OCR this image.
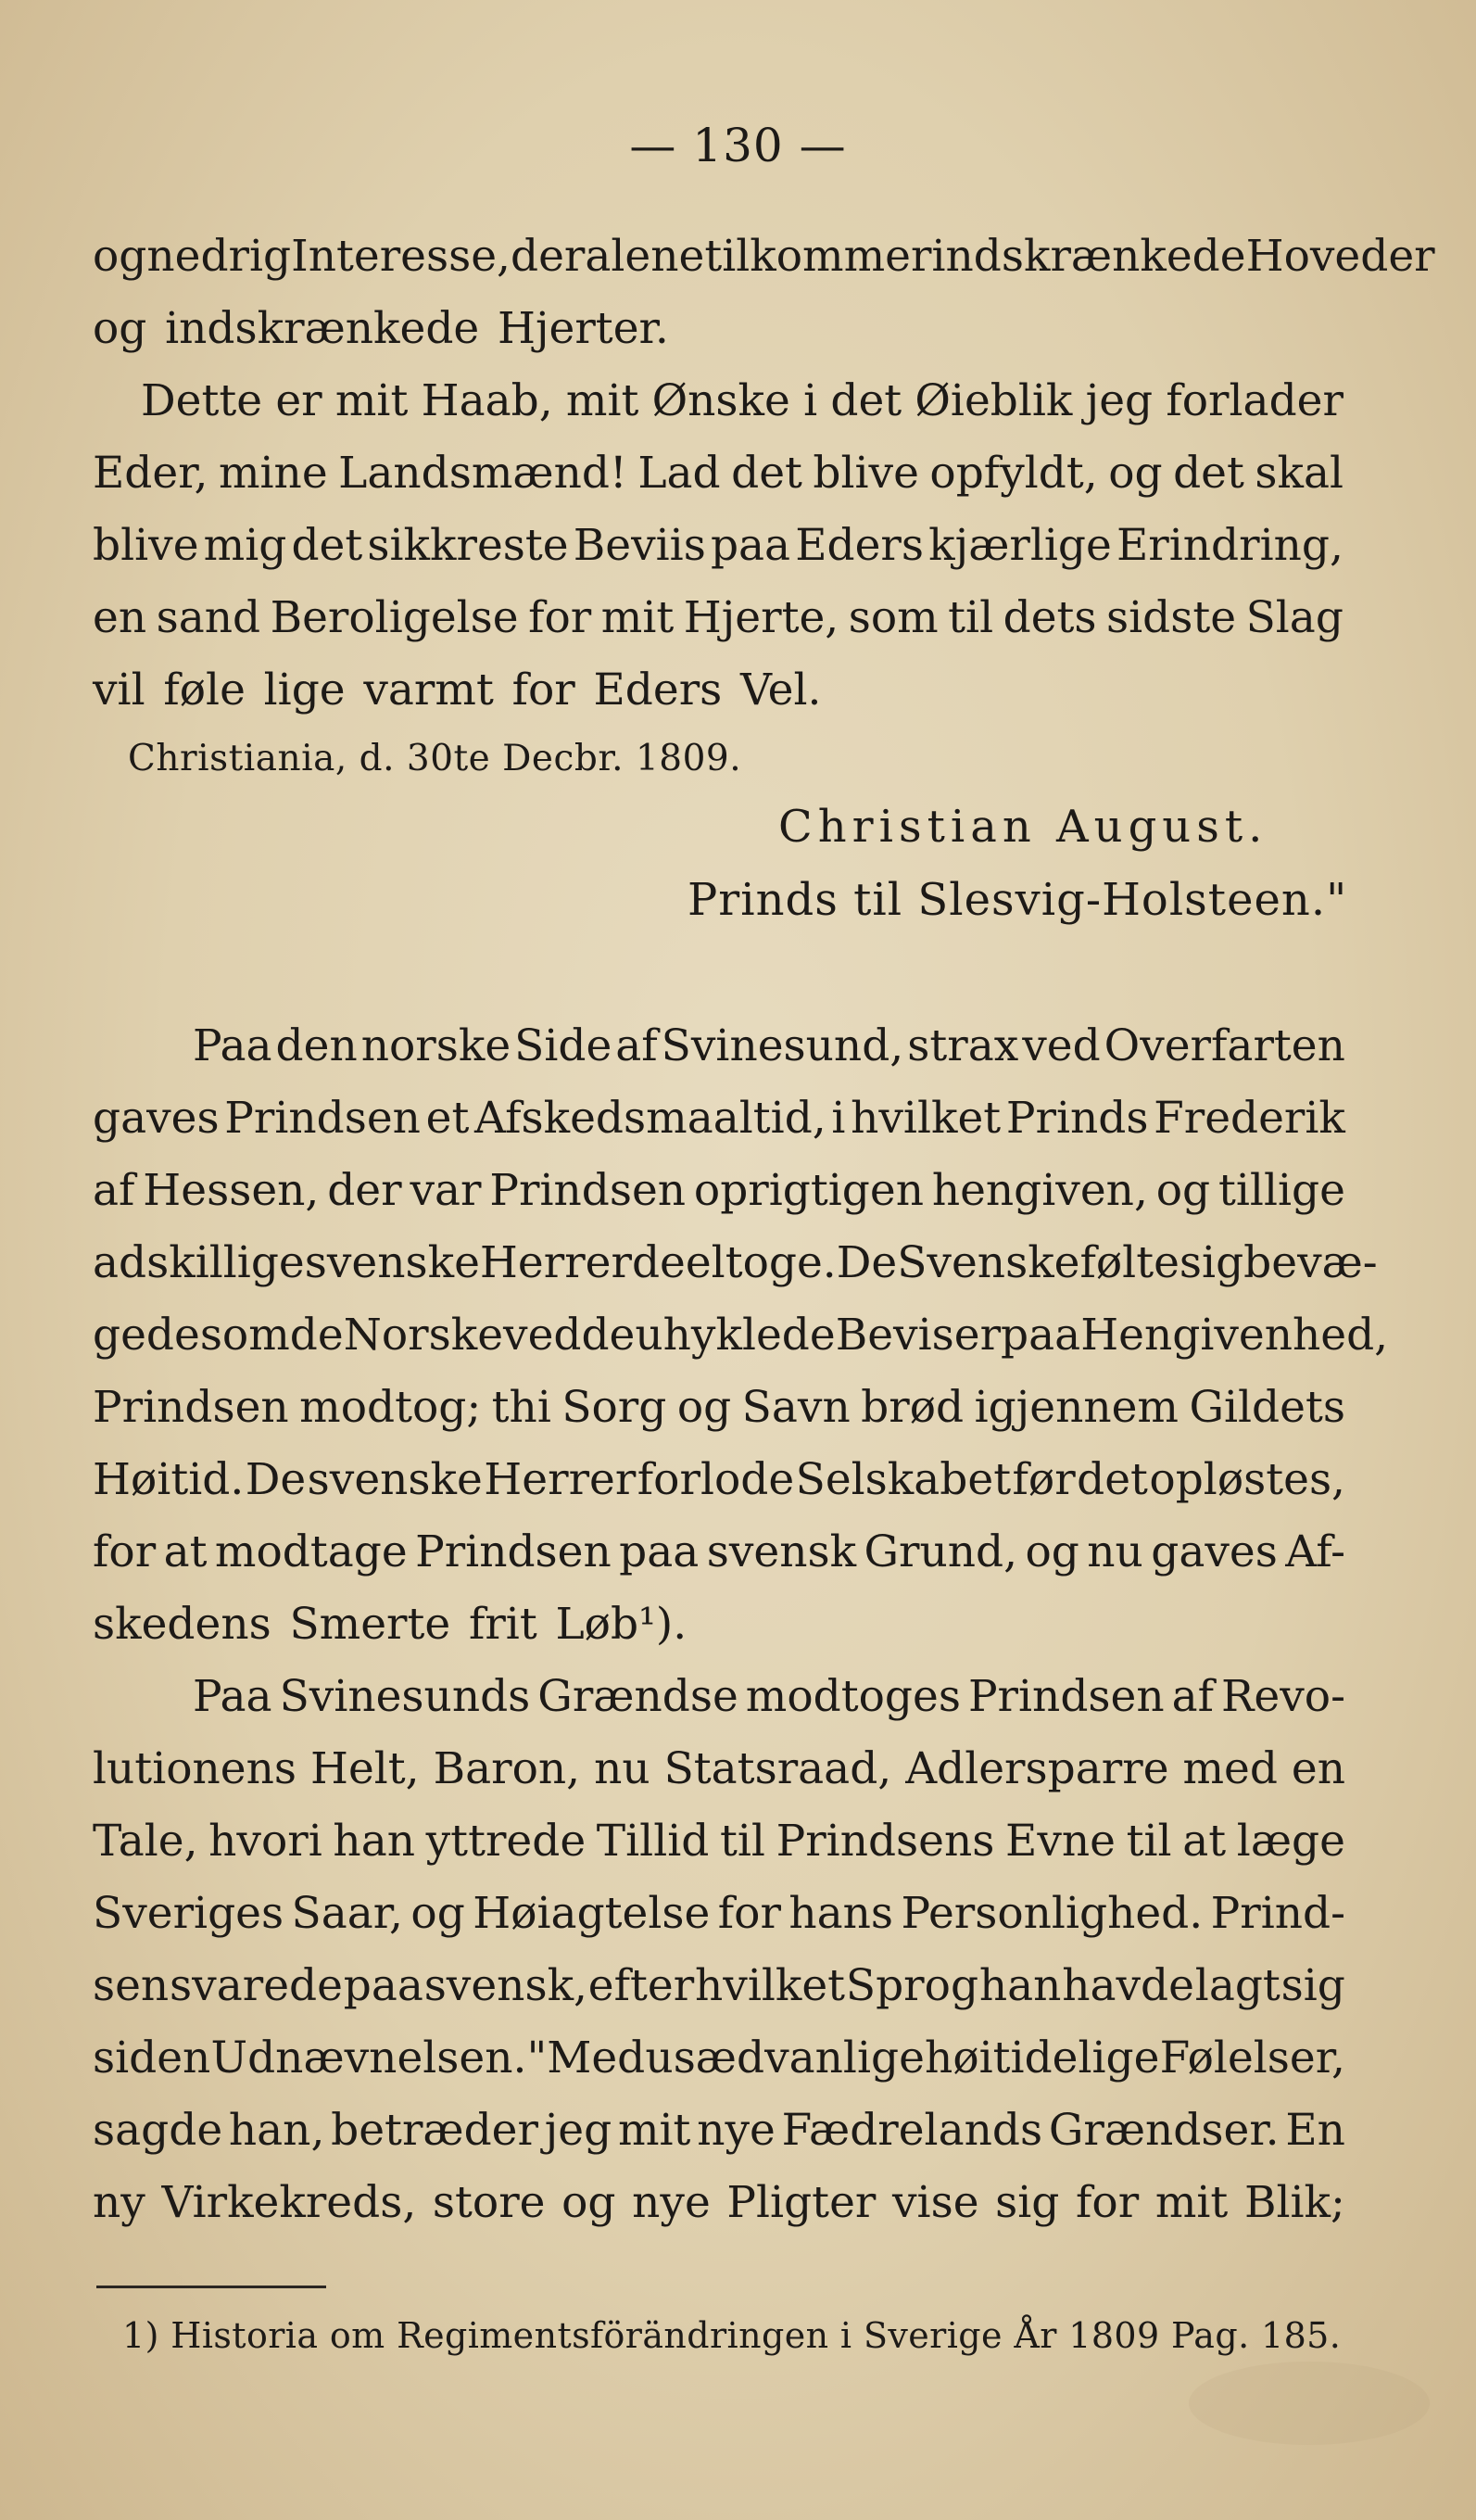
— 130 —
og nedrig Interesse, der alene tilkommer indskrænkede Hoveder
og indskrænkede Hjerter.
Dette er mit Haab, mit Ønske i det Øieblik jeg forlader
Eder, mine Landsmænd! Lad det blive opfyldt, og det skal
blive mig det sikkreste Beviis paa Eders kjærlige Erindring,
en sand Beroligelse for mit Hjerte, som til dets sidste Slag
vil føle lige varmt for Eders Vel.
Christiania, d. 30te Decbr. 1809.
Christian August.
Prinds til Slesvig-Holsteen."
Paa den norske Side af Svinesund, strax ved Overfarten
gaves Prindsen et Afskedsmaaltid, i hvilket Prinds Frederik
af Hessen, der var Prindsen oprigtigen hengiven, og tillige
adskillige svenske Herrer deeltoge. De Svenske følte sig bevæ-
gede som de Norske ved de uhyklede Beviser paa Hengivenhed,
Prindsen modtog; thi Sorg og Savn brød igjennem Gildets
Høitid. De svenske Herrer forlode Selskabet før det opløstes,
for at modtage Prindsen paa svensk Grund, og nu gaves Af-
skedens Smerte frit Løb¹).
Paa Svinesunds Grændse modtoges Prindsen af Revo-
lutionens Helt, Baron, nu Statsraad, Adlersparre med en
Tale, hvori han yttrede Tillid til Prindsens Evne til at læge
Sveriges Saar, og Høiagtelse for hans Personlighed. Prind-
sen svarede paa svensk, efter hvilket Sprog han havde lagt sig
siden Udnævnelsen. "Med usædvanlige høitidelige Følelser,
sagde han, betræder jeg mit nye Fædrelands Grændser. En
ny Virkekreds, store og nye Pligter vise sig for mit Blik;
1) Historia om Regimentsförändringen i Sverige År 1809 Pag. 185.
